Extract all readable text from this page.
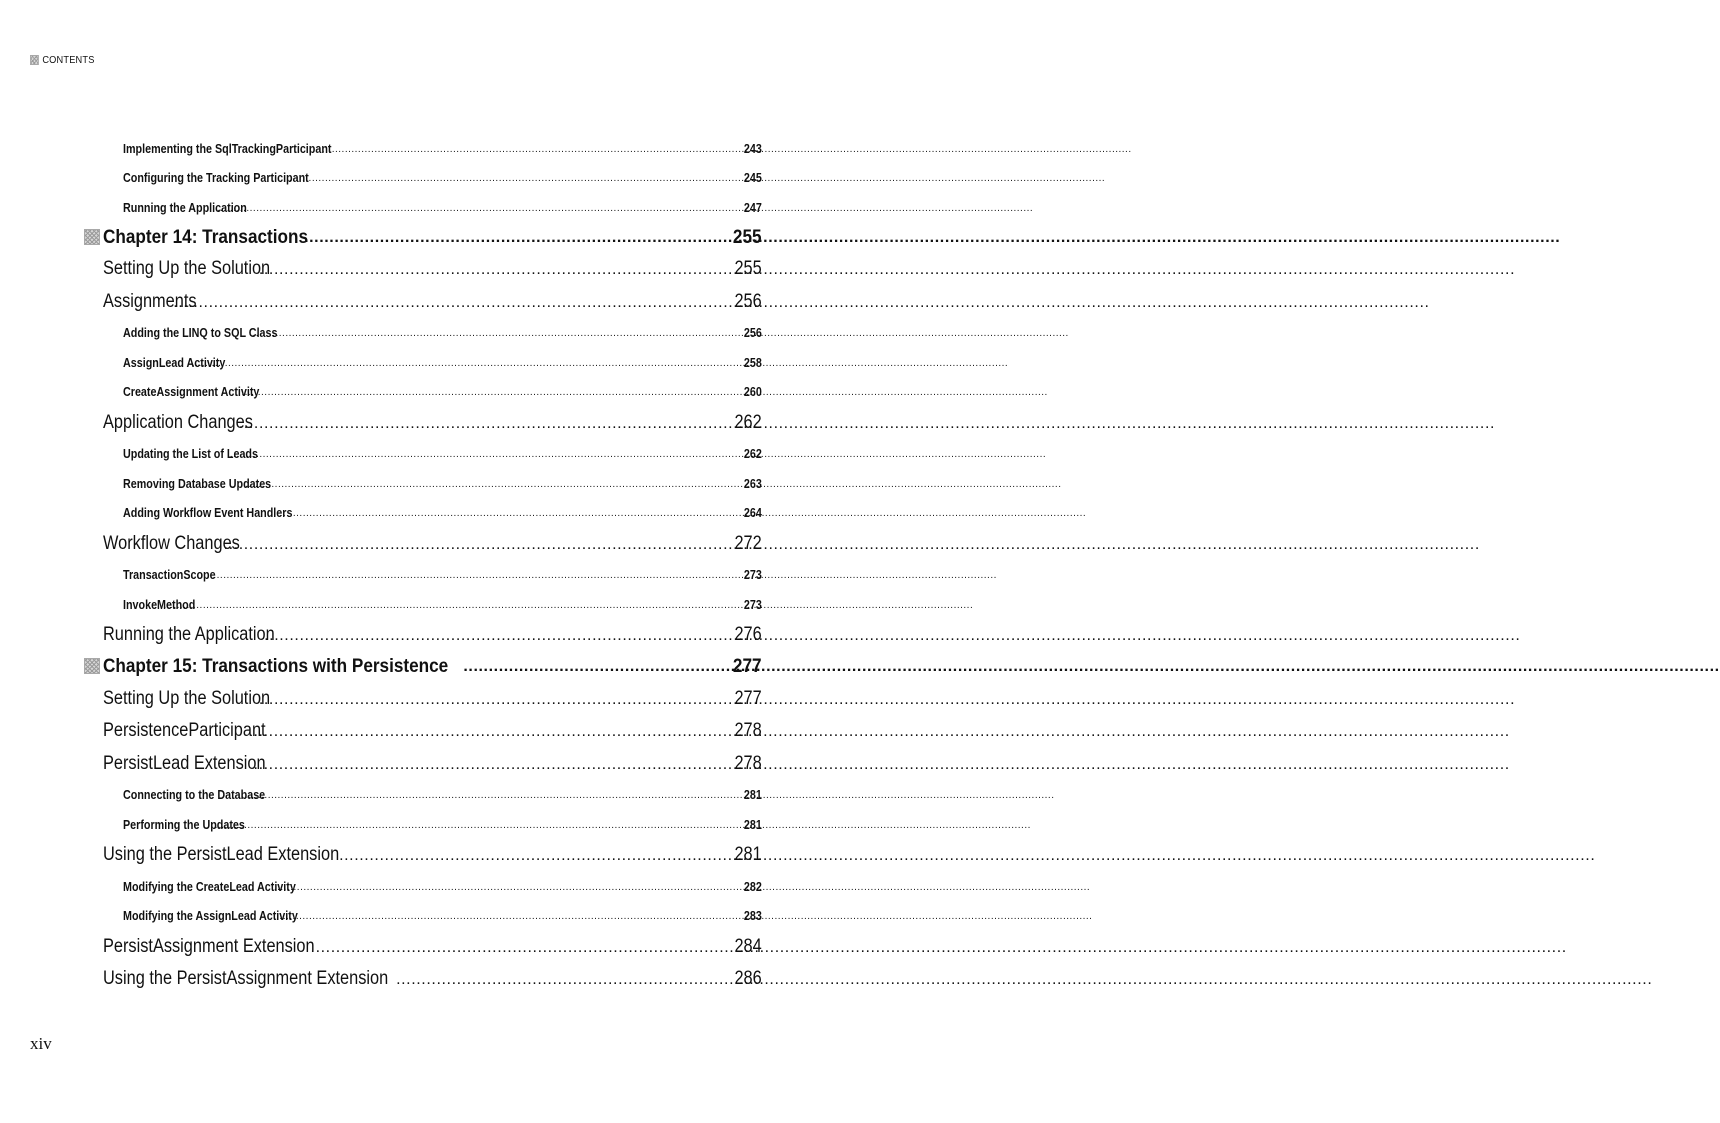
CONTENTS
Implementing the SqlTrackingParticipant .....	243
Configuring the Tracking Participant .....	245
Running the Application .....	247
Chapter 14: Transactions .....	255
Setting Up the Solution .....	255
Assignments .....	256
Adding the LINQ to SQL Class .....	256
AssignLead Activity .....	258
CreateAssignment Activity .....	260
Application Changes .....	262
Updating the List of Leads .....	262
Removing Database Updates .....	263
Adding Workflow Event Handlers .....	264
Workflow Changes .....	272
TransactionScope .....	273
InvokeMethod .....	273
Running the Application .....	276
Chapter 15: Transactions with Persistence .....	277
Setting Up the Solution .....	277
PersistenceParticipant .....	278
PersistLead Extension .....	278
Connecting to the Database .....	281
Performing the Updates .....	281
Using the PersistLead Extension .....	281
Modifying the CreateLead Activity .....	282
Modifying the AssignLead Activity .....	283
PersistAssignment Extension .....	284
Using the PersistAssignment Extension .....	286
xiv
